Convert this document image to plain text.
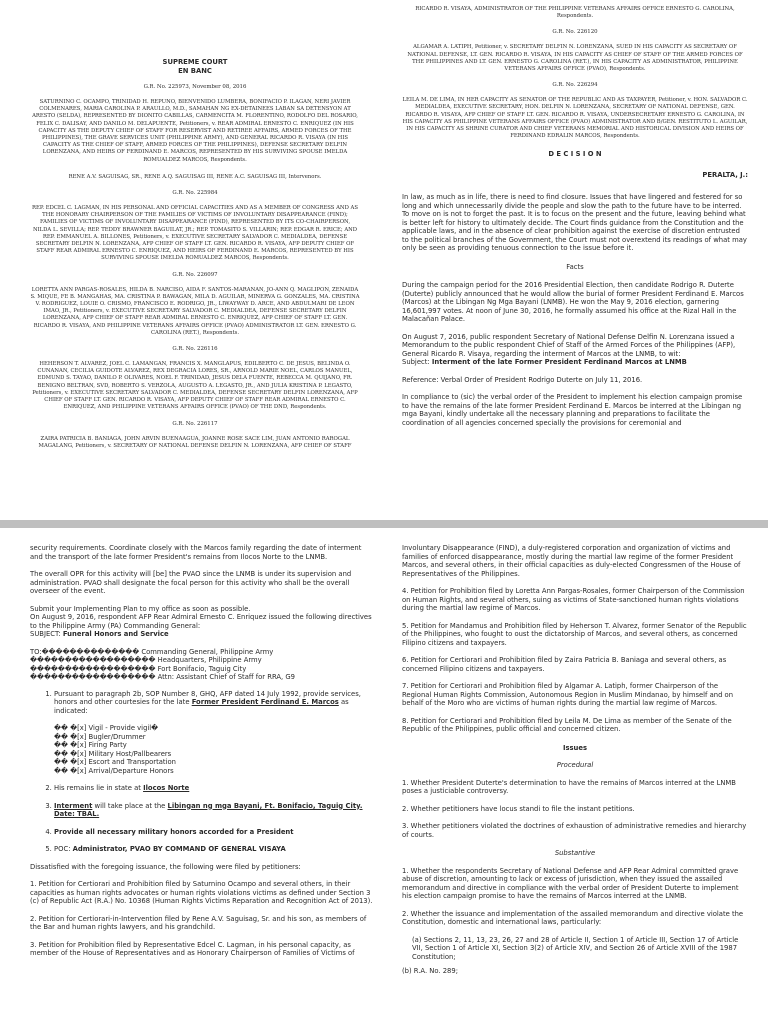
SUPREME COURT
EN BANC

G.R. No. 225973, November 08, 2016

SATURNINO C. OCAMPO, TRINIDAD H. REPUNO, BIENVENIDO LUMBERA, BONIFACIO P. ILAGAN, NERI JAVIER COLMENARES, MARIA CAROLINA P. ARAULLO, M.D., SAMAHAN NG EX-DETAINEES LABAN SA DETENSYON AT ARESTO (SELDA), REPRESENTED BY DIONITO CABILLAS, CARMENCITA M. FLORENTINO, RODOLFO DEL ROSARIO, FELIX C. DALISAY, AND DANILO M. DELAPUENTE, Petitioners, v. REAR ADMIRAL ERNESTO C. ENRIQUEZ (IN HIS CAPACITY AS THE DEPUTY CHIEF OF STAFF FOR RESERVIST AND RETIREE AFFAIRS, ARMED FORCES OF THE PHILIPPINES), THE GRAVE SERVICES UNIT (PHILIPPINE ARMY), AND GENERAL RICARDO R. VISAYA (IN HIS CAPACITY AS THE CHIEF OF STAFF, ARMED FORCES OF THE PHILIPPINES), DEFENSE SECRETARY DELFIN LORENZANA, AND HEIRS OF FERDINAND E. MARCOS, REPRESENTED BY HIS SURVIVING SPOUSE IMELDA ROMUALDEZ MARCOS, Respondents.

RENE A.V. SAGUISAG, SR., RENE A.Q. SAGUISAG III, RENE A.C. SAGUISAG III, Intervenors.

G.R. No. 225984

REP. EDCEL C. LAGMAN, IN HIS PERSONAL AND OFFICIAL CAPACITIES AND AS A MEMBER OF CONGRESS AND AS THE HONORARY CHAIRPERSON OF THE FAMILIES OF VICTIMS OF INVOLUNTARY DISAPPEARANCE (FIND); FAMILIES OF VICTIMS OF INVOLUNTARY DISAPPEARANCE (FIND), REPRESENTED BY ITS CO-CHAIRPERSON, NILDA L. SEVILLA; REP. TEDDY BRAWNER BAGUILAT, JR.; REP. TOMASITO S. VILLARIN; REP. EDGAR R. ERICE; AND REP. EMMANUEL A. BILLONES, Petitioners, v. EXECUTIVE SECRETARY SALVADOR C. MEDIALDEA, DEFENSE SECRETARY DELFIN N. LORENZANA, AFP CHIEF OF STAFF LT. GEN. RICARDO R. VISAYA, AFP DEPUTY CHIEF OF STAFF REAR ADMIRAL ERNESTO C. ENRIQUEZ, AND HEIRS OF FERDINAND E. MARCOS, REPRESENTED BY HIS SURVIVING SPOUSE IMELDA ROMUALDEZ MARCOS, Respondents.

G.R. No. 226097

LORETTA ANN PARGAS-ROSALES, HILDA B. NARCISO, AIDA F. SANTOS-MARANAN, JO-ANN Q. MAGLIPON, ZENAIDA S. MIQUE, FE B. MANGAHAS, MA. CRISTINA P. BAWAGAN, MILA D. AGUILAR, MINERVA G. GONZALES, MA. CRISTINA V. RODRIGUEZ, LOUIE O. CRISMO, FRANCISCO E. RODRIGO, JR., LIWAYWAY D. ARCE, AND ABDULMARI DE LEON IMAO, JR., Petitioners, v. EXECUTIVE SECRETARY SALVADOR C. MEDIALDEA, DEFENSE SECRETARY DELFIN LORENZANA, AFP CHIEF OF STAFF REAR ADMIRAL ERNESTO C. ENRIQUEZ, AFP CHIEF OF STAFF LT. GEN. RICARDO R. VISAYA, AND PHILIPPINE VETERANS AFFAIRS OFFICE (PVAO) ADMINISTRATOR LT. GEN. ERNESTO G. CAROLINA (RET.), Respondents.

G.R. No. 226116

HEHERSON T. ALVAREZ, JOEL C. LAMANGAN, FRANCIS X. MANGLAPUS, EDILBERTO C. DE JESUS, BELINDA O. CUNANAN, CECILIA GUIDOTE ALVAREZ, REX DEGRACIA LORES, SR., ARNOLD MARIE NOEL, CARLOS MANUEL, EDMUND S. TAYAO, DANILO P. OLIVARES, NOEL F. TRINIDAD, JESUS DELA FUENTE, REBECCA M. QUIJANO, FR. BENIGNO BELTRAN, SVD, ROBERTO S. VERZOLA, AUGUSTO A. LEGASTO, JR., AND JULIA KRISTINA P. LEGASTO, Petitioners, v. EXECUTIVE SECRETARY SALVADOR C. MEDIALDEA, DEFENSE SECRETARY DELFIN LORENZANA, AFP CHIEF OF STAFF LT. GEN. RICARDO R. VISAYA, AFP DEPUTY CHIEF OF STAFF REAR ADMIRAL ERNESTO C. ENRIQUEZ, AND PHILIPPINE VETERANS AFFAIRS OFFICE (PVAO) OF THE DND, Respondents.

G.R. No. 226117

ZAIRA PATRICIA B. BANIAGA, JOHN ARVIN BUENAAGUA, JOANNE ROSE SACE LIM, JUAN ANTONIO RAROGAL MAGALANG, Petitioners, v. SECRETARY OF NATIONAL DEFENSE DELFIN N. LORENZANA, AFP CHIEF OF STAFF

RICARDO R. VISAYA, ADMINISTRATOR OF THE PHILIPPINE VETERANS AFFAIRS OFFICE ERNESTO G. CAROLINA, Respondents.

G.R. No. 226120

ALGAMAR A. LATIPH, Petitioner, v. SECRETARY DELFIN N. LORENZANA, SUED IN HIS CAPACITY AS SECRETARY OF NATIONAL DEFENSE, LT. GEN. RICARDO R. VISAYA, IN HIS CAPACITY AS CHIEF OF STAFF OF THE ARMED FORCES OF THE PHILIPPINES AND LT. GEN. ERNESTO G. CAROLINA (RET.), IN HIS CAPACITY AS ADMINISTRATOR, PHILIPPINE VETERANS AFFAIRS OFFICE (PVAO), Respondents.

G.R. No. 226294

LEILA M. DE LIMA, IN HER CAPACITY AS SENATOR OF THE REPUBLIC AND AS TAXPAYER, Petitioner, v. HON. SALVADOR C. MEDIALDEA, EXECUTIVE SECRETARY, HON. DELFIN N. LORENZANA, SECRETARY OF NATIONAL DEFENSE, GEN. RICARDO R. VISAYA, AFP CHIEF OF STAFF LT. GEN. RICARDO R. VISAYA, UNDERSECRETARY ERNESTO G. CAROLINA, IN HIS CAPACITY AS PHILIPPINE VETERANS AFFAIRS OFFICE (PVAO) ADMINISTRATOR AND B/GEN. RESTITUTO L. AGUILAR, IN HIS CAPACITY AS SHRINE CURATOR AND CHIEF VETERANS MEMORIAL AND HISTORICAL DIVISION AND HEIRS OF FERDINAND EDRALIN MARCOS, Respondents.

D E C I S I O N

PERALTA, J.:

In law, as much as in life, there is need to find closure. Issues that have lingered and festered for so long and which unnecessarily divide the people and slow the path to the future have to be interred. To move on is not to forget the past. It is to focus on the present and the future, leaving behind what is better left for history to ultimately decide. The Court finds guidance from the Constitution and the applicable laws, and in the absence of clear prohibition against the exercise of discretion entrusted to the political branches of the Government, the Court must not overextend its readings of what may only be seen as providing tenuous connection to the issue before it.

Facts

During the campaign period for the 2016 Presidential Election, then candidate Rodrigo R. Duterte (Duterte) publicly announced that he would allow the burial of former President Ferdinand E. Marcos (Marcos) at the Libingan Ng Mga Bayani (LNMB). He won the May 9, 2016 election, garnering 16,601,997 votes. At noon of June 30, 2016, he formally assumed his office at the Rizal Hall in the Malacañan Palace.

On August 7, 2016, public respondent Secretary of National Defense Delfin N. Lorenzana issued a Memorandum to the public respondent Chief of Staff of the Armed Forces of the Philippines (AFP), General Ricardo R. Visaya, regarding the interment of Marcos at the LNMB, to wit:

Subject: Interment of the late Former President Ferdinand Marcos at LNMB

Reference: Verbal Order of President Rodrigo Duterte on July 11, 2016.

In compliance to (sic) the verbal order of the President to implement his election campaign promise to have the remains of the late former President Ferdinand E. Marcos be interred at the Libingan ng mga Bayani, kindly undertake all the necessary planning and preparations to facilitate the coordination of all agencies concerned specially the provisions for ceremonial and

security requirements. Coordinate closely with the Marcos family regarding the date of interment and the transport of the late former President's remains from Ilocos Norte to the LNMB.

The overall OPR for this activity will [be] the PVAO since the LNMB is under its supervision and administration. PVAO shall designate the focal person for this activity who shall be the overall overseer of the event.

Submit your Implementing Plan to my office as soon as possible.

On August 9, 2016, respondent AFP Rear Admiral Ernesto C. Enriquez issued the following directives to the Philippine Army (PA) Commanding General:

SUBJECT: Funeral Honors and Service

TO:�������������� Commanding General, Philippine Army

������������������ Headquarters, Philippine Army

������������������ Fort Bonifacio, Taguig City

������������������ Attn: Assistant Chief of Staff for RRA, G9

1. Pursuant to paragraph 2b, SOP Number 8, GHQ, AFP dated 14 July 1992, provide services, honors and other courtesies for the late Former President Ferdinand E. Marcos as indicated:
�� �[x] Vigil - Provide vigil�
�� �[x] Bugler/Drummer
�� �[x] Firing Party
�� �[x] Military Host/Pallbearers
�� �[x] Escort and Transportation
�� �[x] Arrival/Departure Honors
2. His remains lie in state at Ilocos Norte
3. Interment will take place at the Libingan ng mga Bayani, Ft. Bonifacio, Taguig City. Date: TBAL.
4. Provide all necessary military honors accorded for a President
5. POC: Administrator, PVAO BY COMMAND OF GENERAL VISAYA

Dissatisfied with the foregoing issuance, the following were filed by petitioners:

1. Petition for Certiorari and Prohibition filed by Saturnino Ocampo and several others, in their capacities as human rights advocates or human rights violations victims as defined under Section 3 (c) of Republic Act (R.A.) No. 10368 (Human Rights Victims Reparation and Recognition Act of 2013).

2. Petition for Certiorari-in-Intervention filed by Rene A.V. Saguisag, Sr. and his son, as members of the Bar and human rights lawyers, and his grandchild.

3. Petition for Prohibition filed by Representative Edcel C. Lagman, in his personal capacity, as member of the House of Representatives and as Honorary Chairperson of Families of Victims of

Involuntary Disappearance (FIND), a duly-registered corporation and organization of victims and families of enforced disappearance, mostly during the martial law regime of the former President Marcos, and several others, in their official capacities as duly-elected Congressmen of the House of Representatives of the Philippines.

4. Petition for Prohibition filed by Loretta Ann Pargas-Rosales, former Chairperson of the Commission on Human Rights, and several others, suing as victims of State-sanctioned human rights violations during the martial law regime of Marcos.

5. Petition for Mandamus and Prohibition filed by Heherson T. Alvarez, former Senator of the Republic of the Philippines, who fought to oust the dictatorship of Marcos, and several others, as concerned Filipino citizens and taxpayers.

6. Petition for Certiorari and Prohibition filed by Zaira Patricia B. Baniaga and several others, as concerned Filipino citizens and taxpayers.

7. Petition for Certiorari and Prohibition filed by Algamar A. Latiph, former Chairperson of the Regional Human Rights Commission, Autonomous Region in Muslim Mindanao, by himself and on behalf of the Moro who are victims of human rights during the martial law regime of Marcos.

8. Petition for Certiorari and Prohibition filed by Leila M. De Lima as member of the Senate of the Republic of the Philippines, public official and concerned citizen.

Issues

Procedural

1. Whether President Duterte's determination to have the remains of Marcos interred at the LNMB poses a justiciable controversy.

2. Whether petitioners have locus standi to file the instant petitions.

3. Whether petitioners violated the doctrines of exhaustion of administrative remedies and hierarchy of courts.

Substantive

1. Whether the respondents Secretary of National Defense and AFP Rear Admiral committed grave abuse of discretion, amounting to lack or excess of jurisdiction, when they issued the assailed memorandum and directive in compliance with the verbal order of President Duterte to implement his election campaign promise to have the remains of Marcos interred at the LNMB.

2. Whether the issuance and implementation of the assailed memorandum and directive violate the Constitution, domestic and international laws, particularly:

(a) Sections 2, 11, 13, 23, 26, 27 and 28 of Article II, Section 1 of Article III, Section 17 of Article VII, Section 1 of Article XI, Section 3(2) of Article XIV, and Section 26 of Article XVIII of the 1987 Constitution;

(b) R.A. No. 289;
